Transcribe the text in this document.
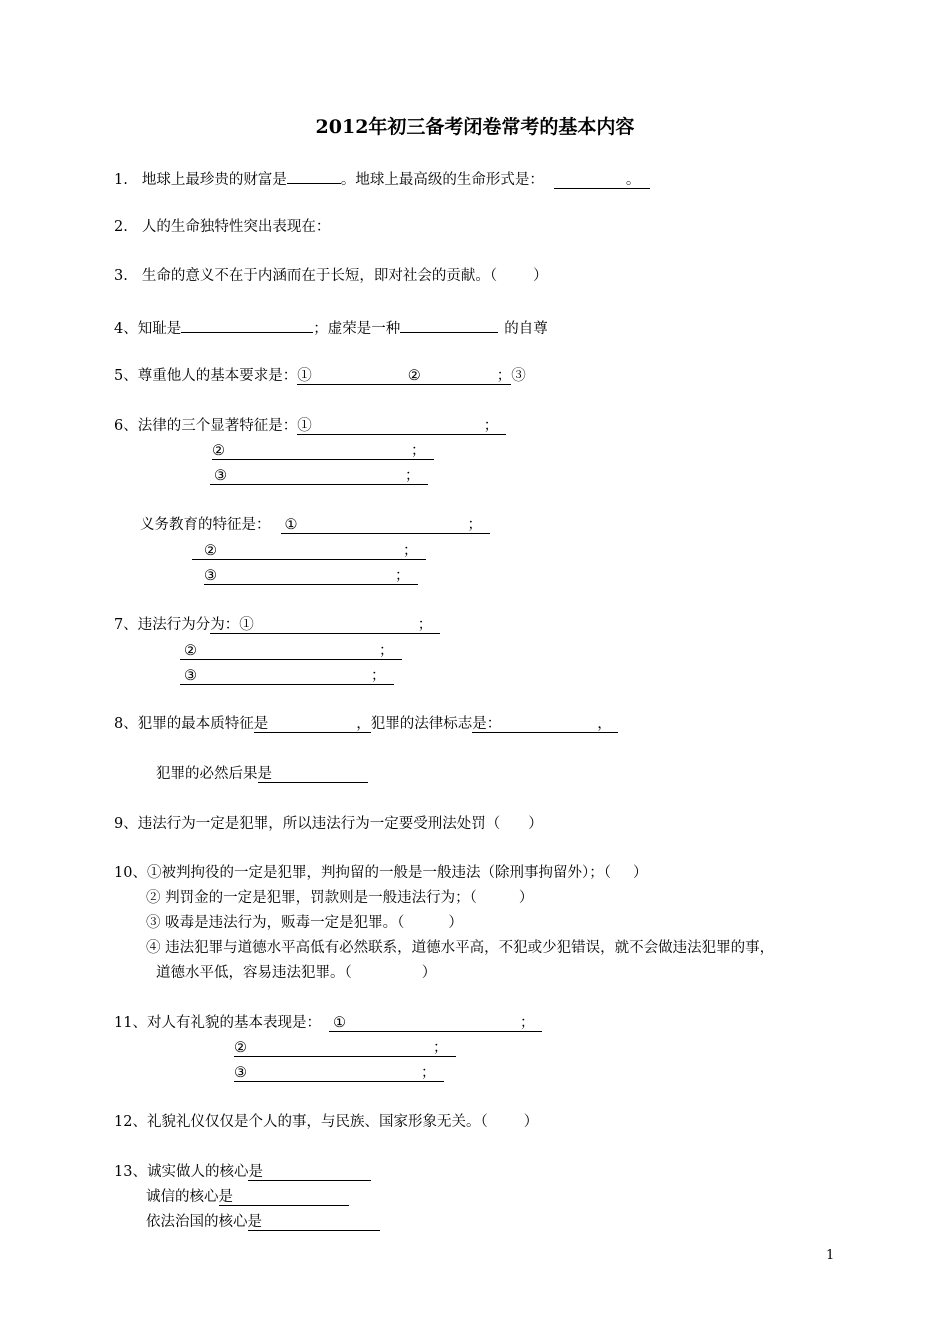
2012年初三备考闭卷常考的基本内容
1. 地球上最珍贵的财富是	。地球上最高级的生命形式是：	。
2. 人的生命独特性突出表现在：
3. 生命的意义不在于内涵而在于长短，即对社会的贡献。（ ）
4、知耻是	；虚荣是一种	的自尊
5、尊重他人的基本要求是：①	②	；③
6、法律的三个显著特征是：①	；
②	；
③	；
义务教育的特征是： ①	；
②	；
③	；
7、违法行为分为：①	；
②	；
③	；
8、犯罪的最本质特征是	，犯罪的法律标志是：	，
犯罪的必然后果是
9、违法行为一定是犯罪，所以违法行为一定要受刑法处罚（ ）
10、①被判拘役的一定是犯罪，判拘留的一般是一般违法（除刑事拘留外）；（ ）
② 判罚金的一定是犯罪，罚款则是一般违法行为；（	）
③ 吸毒是违法行为，贩毒一定是犯罪。（	）
④ 违法犯罪与道德水平高低有必然联系，道德水平高，不犯或少犯错误，就不会做违法犯罪的事，
道德水平低，容易违法犯罪。（	）
11、对人有礼貌的基本表现是： ①	；
②	；
③	；
12、礼貌礼仪仅仅是个人的事，与民族、国家形象无关。（ ）
13、诚实做人的核心是
诚信的核心是
依法治国的核心是
1
